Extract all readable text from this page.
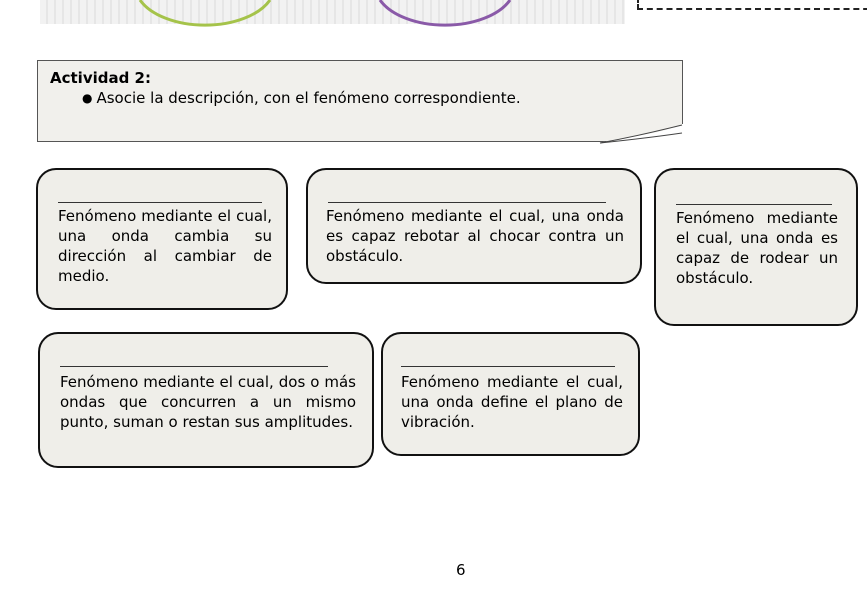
Actividad 2:
● Asocie la descripción, con el fenómeno correspondiente.
Fenómeno mediante el cual, una onda cambia su dirección al cambiar de medio.
Fenómeno mediante el cual, una onda es capaz rebotar al chocar contra un obstáculo.
Fenómeno mediante el cual, una onda es capaz de rodear un obstáculo.
Fenómeno mediante el cual, dos o más ondas que concurren a un mismo punto, suman o restan sus amplitudes.
Fenómeno mediante el cual, una onda define el plano de vibración.
6
